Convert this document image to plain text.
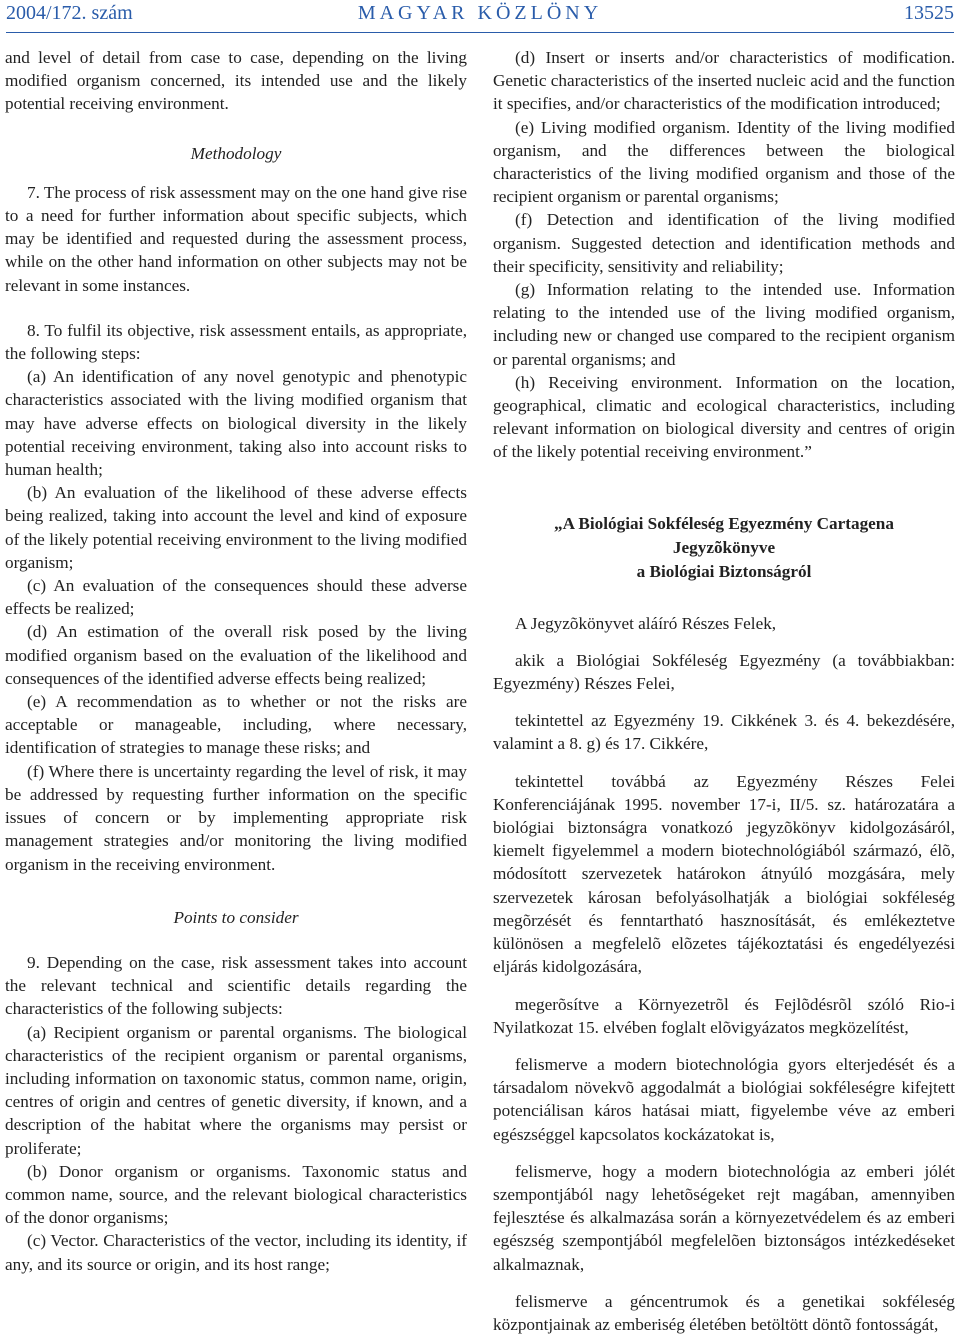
2004/172. szám	MAGYAR KÖZLÖNY	13525

and level of detail from case to case, depending on the living modified organism concerned, its intended use and the likely potential receiving environment.

Methodology

7. The process of risk assessment may on the one hand give rise to a need for further information about specific subjects, which may be identified and requested during the assessment process, while on the other hand information on other subjects may not be relevant in some instances.

8. To fulfil its objective, risk assessment entails, as appropriate, the following steps:

(a) An identification of any novel genotypic and phenotypic characteristics associated with the living modified organism that may have adverse effects on biological diversity in the likely potential receiving environment, taking also into account risks to human health;

(b) An evaluation of the likelihood of these adverse effects being realized, taking into account the level and kind of exposure of the likely potential receiving environment to the living modified organism;

(c) An evaluation of the consequences should these adverse effects be realized;

(d) An estimation of the overall risk posed by the living modified organism based on the evaluation of the likelihood and consequences of the identified adverse effects being realized;

(e) A recommendation as to whether or not the risks are acceptable or manageable, including, where necessary, identification of strategies to manage these risks; and

(f) Where there is uncertainty regarding the level of risk, it may be addressed by requesting further information on the specific issues of concern or by implementing appropriate risk management strategies and/or monitoring the living modified organism in the receiving environment.

Points to consider

9. Depending on the case, risk assessment takes into account the relevant technical and scientific details regarding the characteristics of the following subjects:

(a) Recipient organism or parental organisms. The biological characteristics of the recipient organism or parental organisms, including information on taxonomic status, common name, origin, centres of origin and centres of genetic diversity, if known, and a description of the habitat where the organisms may persist or proliferate;

(b) Donor organism or organisms. Taxonomic status and common name, source, and the relevant biological characteristics of the donor organisms;

(c) Vector. Characteristics of the vector, including its identity, if any, and its source or origin, and its host range;

(d) Insert or inserts and/or characteristics of modification. Genetic characteristics of the inserted nucleic acid and the function it specifies, and/or characteristics of the modification introduced;

(e) Living modified organism. Identity of the living modified organism, and the differences between the biological characteristics of the living modified organism and those of the recipient organism or parental organisms;

(f) Detection and identification of the living modified organism. Suggested detection and identification methods and their specificity, sensitivity and reliability;

(g) Information relating to the intended use. Information relating to the intended use of the living modified organism, including new or changed use compared to the recipient organism or parental organisms; and

(h) Receiving environment. Information on the location, geographical, climatic and ecological characteristics, including relevant information on biological diversity and centres of origin of the likely potential receiving environment.”

„A Biológiai Sokféleség Egyezmény Cartagena
Jegyzõkönyve
a Biológiai Biztonságról

A Jegyzõkönyvet aláíró Részes Felek,

akik a Biológiai Sokféleség Egyezmény (a továbbiakban: Egyezmény) Részes Felei,

tekintettel az Egyezmény 19. Cikkének 3. és 4. bekezdésére, valamint a 8. g) és 17. Cikkére,

tekintettel továbbá az Egyezmény Részes Felei Konferenciájának 1995. november 17-i, II/5. sz. határozatára a biológiai biztonságra vonatkozó jegyzõkönyv kidolgozásáról, kiemelt figyelemmel a modern biotechnológiából származó, élõ, módosított szervezetek határokon átnyúló mozgására, mely szervezetek károsan befolyásolhatják a biológiai sokféleség megõrzését és fenntartható hasznosítását, és emlékeztetve különösen a megfelelõ elõzetes tájékoztatási és engedélyezési eljárás kidolgozására,

megerõsítve a Környezetrõl és Fejlõdésrõl szóló Rio-i Nyilatkozat 15. elvében foglalt elõvigyázatos megközelítést,

felismerve a modern biotechnológia gyors elterjedését és a társadalom növekvõ aggodalmát a biológiai sokféleségre kifejtett potenciálisan káros hatásai miatt, figyelembe véve az emberi egészséggel kapcsolatos kockázatokat is,

felismerve, hogy a modern biotechnológia az emberi jólét szempontjából nagy lehetõségeket rejt magában, amennyiben fejlesztése és alkalmazása során a környezetvédelem és az emberi egészség szempontjából megfelelõen biztonságos intézkedéseket alkalmaznak,

felismerve a géncentrumok és a genetikai sokféleség központjainak az emberiség életében betöltött döntõ fontosságát,
